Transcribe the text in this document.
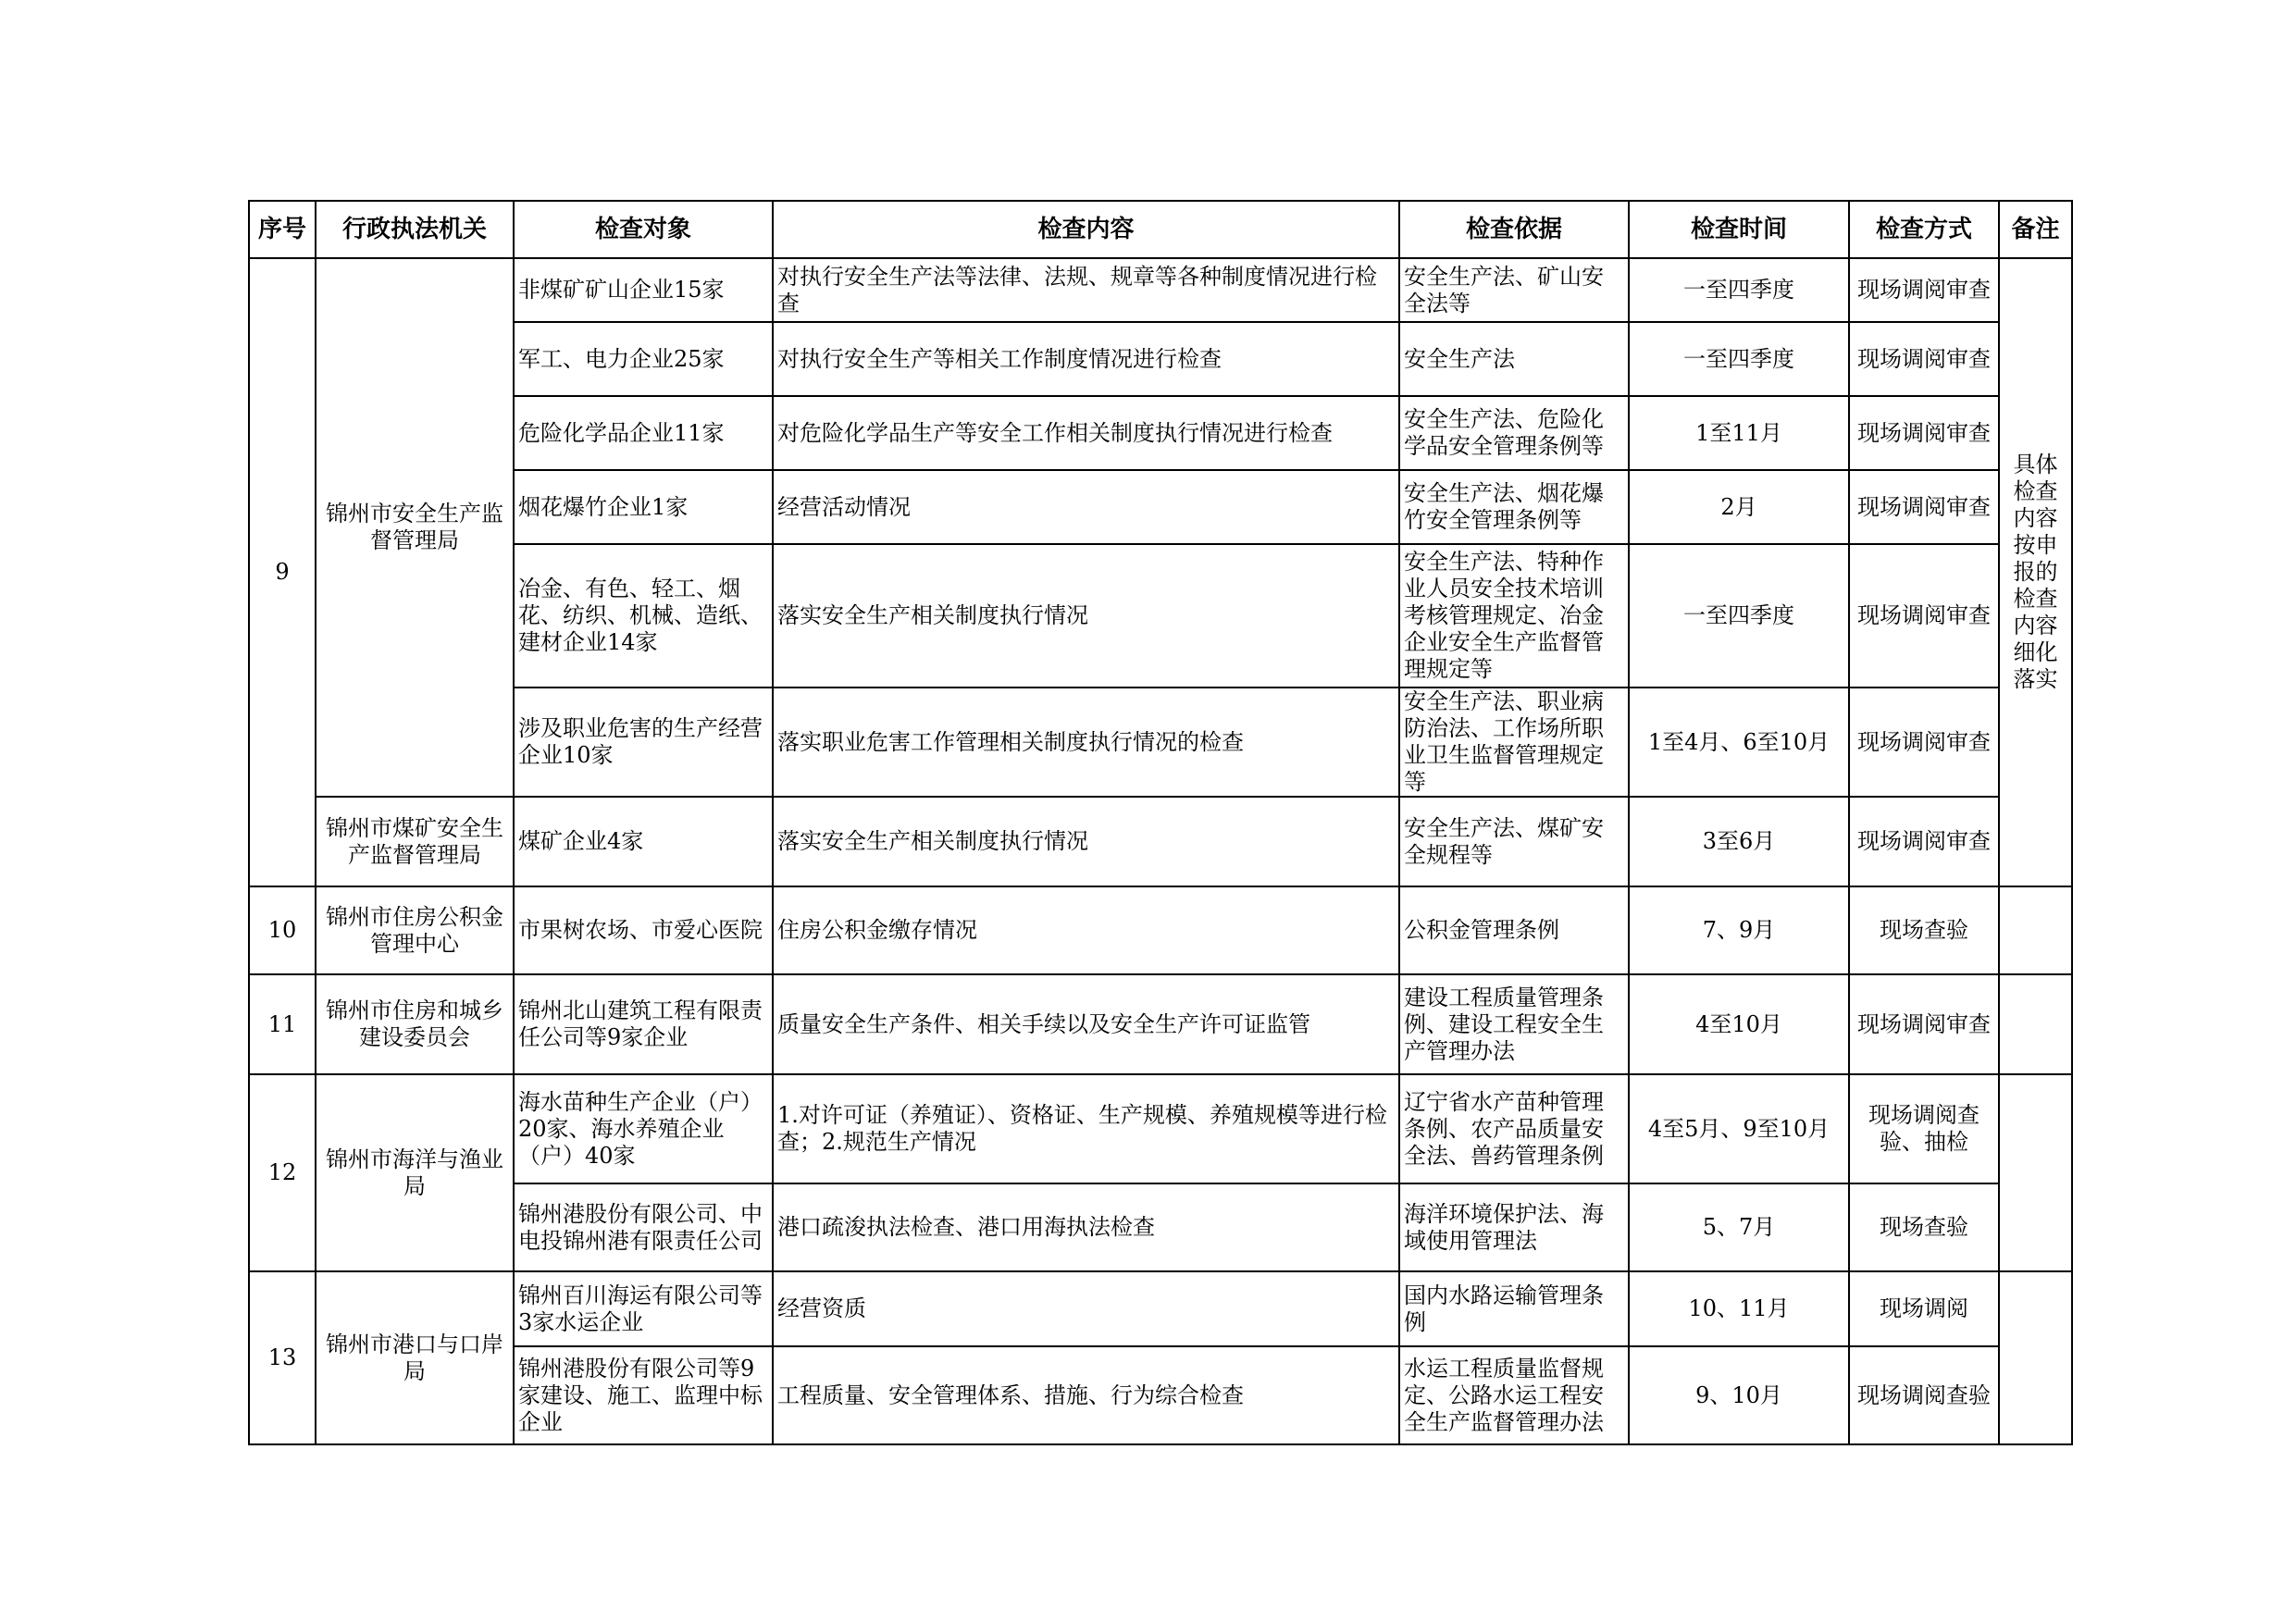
序号	行政执法机关	检查对象	检查内容	检查依据	检查时间	检查方式	备注
9	锦州市安全生产监督管理局	非煤矿矿山企业15家	对执行安全生产法等法律、法规、规章等各种制度情况进行检查	安全生产法、矿山安全法等	一至四季度	现场调阅审查	具体检查内容按申报的检查内容细化落实
		军工、电力企业25家	对执行安全生产等相关工作制度情况进行检查	安全生产法	一至四季度	现场调阅审查	
		危险化学品企业11家	对危险化学品生产等安全工作相关制度执行情况进行检查	安全生产法、危险化学品安全管理条例等	1至11月	现场调阅审查	
		烟花爆竹企业1家	经营活动情况	安全生产法、烟花爆竹安全管理条例等	2月	现场调阅审查	
		冶金、有色、轻工、烟花、纺织、机械、造纸、建材企业14家	落实安全生产相关制度执行情况	安全生产法、特种作业人员安全技术培训考核管理规定、冶金企业安全生产监督管理规定等	一至四季度	现场调阅审查	
		涉及职业危害的生产经营企业10家	落实职业危害工作管理相关制度执行情况的检查	安全生产法、职业病防治法、工作场所职业卫生监督管理规定等	1至4月、6至10月	现场调阅审查	
	锦州市煤矿安全生产监督管理局	煤矿企业4家	落实安全生产相关制度执行情况	安全生产法、煤矿安全规程等	3至6月	现场调阅审查	
10	锦州市住房公积金管理中心	市果树农场、市爱心医院	住房公积金缴存情况	公积金管理条例	7、9月	现场查验	
11	锦州市住房和城乡建设委员会	锦州北山建筑工程有限责任公司等9家企业	质量安全生产条件、相关手续以及安全生产许可证监管	建设工程质量管理条例、建设工程安全生产管理办法	4至10月	现场调阅审查	
12	锦州市海洋与渔业局	海水苗种生产企业（户）20家、海水养殖企业（户）40家	1.对许可证（养殖证）、资格证、生产规模、养殖规模等进行检查；2.规范生产情况	辽宁省水产苗种管理条例、农产品质量安全法、兽药管理条例	4至5月、9至10月	现场调阅查验、抽检	
		锦州港股份有限公司、中电投锦州港有限责任公司	港口疏浚执法检查、港口用海执法检查	海洋环境保护法、海域使用管理法	5、7月	现场查验	
13	锦州市港口与口岸局	锦州百川海运有限公司等3家水运企业	经营资质	国内水路运输管理条例	10、11月	现场调阅	
		锦州港股份有限公司等9家建设、施工、监理中标企业	工程质量、安全管理体系、措施、行为综合检查	水运工程质量监督规定、公路水运工程安全生产监督管理办法	9、10月	现场调阅查验	
